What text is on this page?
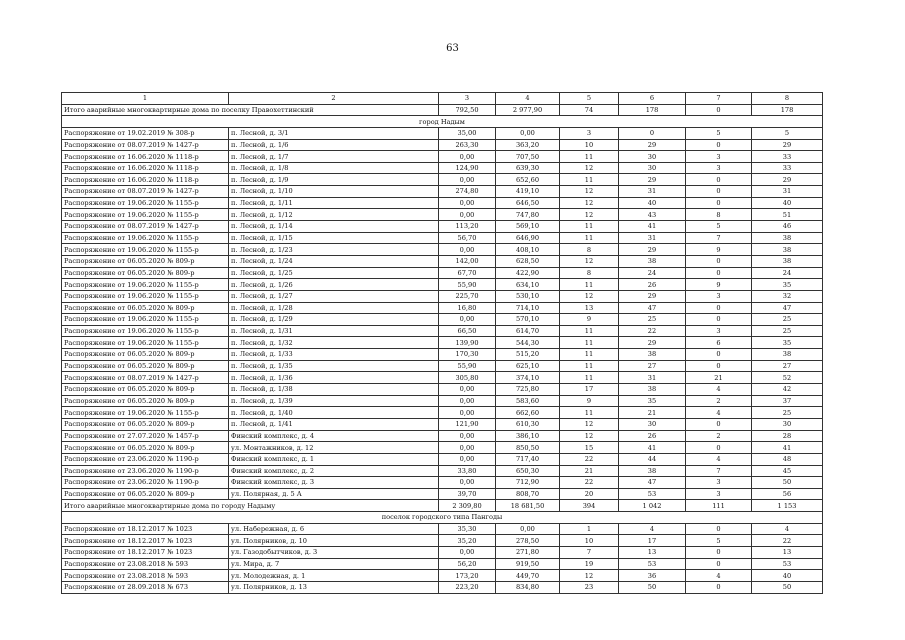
63
1	2	3	4	5	6	7	8
Итого аварийные многоквартирные дома по поселку Правохеттинский		792,50	2 977,90	74	178	0	178
город Надым							
Распоряжение от 19.02.2019 № 308-р	п. Лесной, д. 3/1	35,00	0,00	3	0	5	5
Распоряжение от 08.07.2019 № 1427-р	п. Лесной, д. 1/6	263,30	363,20	10	29	0	29
Распоряжение от 16.06.2020 № 1118-р	п. Лесной, д. 1/7	0,00	707,50	11	30	3	33
Распоряжение от 16.06.2020 № 1118-р	п. Лесной, д. 1/8	124,90	639,30	12	30	3	33
Распоряжение от 16.06.2020 № 1118-р	п. Лесной, д. 1/9	0,00	652,60	11	29	0	29
Распоряжение от 08.07.2019 № 1427-р	п. Лесной, д. 1/10	274,80	419,10	12	31	0	31
Распоряжение от 19.06.2020 № 1155-р	п. Лесной, д. 1/11	0,00	646,50	12	40	0	40
Распоряжение от 19.06.2020 № 1155-р	п. Лесной, д. 1/12	0,00	747,80	12	43	8	51
Распоряжение от 08.07.2019 № 1427-р	п. Лесной, д. 1/14	113,20	569,10	11	41	5	46
Распоряжение от 19.06.2020 № 1155-р	п. Лесной, д. 1/15	56,70	646,90	11	31	7	38
Распоряжение от 19.06.2020 № 1155-р	п. Лесной, д. 1/23	0,00	408,10	8	29	9	38
Распоряжение от 06.05.2020 № 809-р	п. Лесной, д. 1/24	142,00	628,50	12	38	0	38
Распоряжение от 06.05.2020 № 809-р	п. Лесной, д. 1/25	67,70	422,90	8	24	0	24
Распоряжение от 19.06.2020 № 1155-р	п. Лесной, д. 1/26	55,90	634,10	11	26	9	35
Распоряжение от 19.06.2020 № 1155-р	п. Лесной, д. 1/27	225,70	530,10	12	29	3	32
Распоряжение от 06.05.2020 № 809-р	п. Лесной, д. 1/28	16,80	714,10	13	47	0	47
Распоряжение от 19.06.2020 № 1155-р	п. Лесной, д. 1/29	0,00	570,10	9	25	0	25
Распоряжение от 19.06.2020 № 1155-р	п. Лесной, д. 1/31	66,50	614,70	11	22	3	25
Распоряжение от 19.06.2020 № 1155-р	п. Лесной, д. 1/32	139,90	544,30	11	29	6	35
Распоряжение от 06.05.2020 № 809-р	п. Лесной, д. 1/33	170,30	515,20	11	38	0	38
Распоряжение от 06.05.2020 № 809-р	п. Лесной, д. 1/35	55,90	625,10	11	27	0	27
Распоряжение от 08.07.2019 № 1427-р	п. Лесной, д. 1/36	305,80	374,10	11	31	21	52
Распоряжение от 06.05.2020 № 809-р	п. Лесной, д. 1/38	0,00	725,80	17	38	4	42
Распоряжение от 06.05.2020 № 809-р	п. Лесной, д. 1/39	0,00	583,60	9	35	2	37
Распоряжение от 19.06.2020 № 1155-р	п. Лесной, д. 1/40	0,00	662,60	11	21	4	25
Распоряжение от 06.05.2020 № 809-р	п. Лесной, д. 1/41	121,90	610,30	12	30	0	30
Распоряжение от 27.07.2020 № 1457-р	Финский комплекс, д. 4	0,00	386,10	12	26	2	28
Распоряжение от 06.05.2020 № 809-р	ул. Монтажников, д. 12	0,00	850,50	15	41	0	41
Распоряжение от 23.06.2020 № 1190-р	Финский комплекс, д. 1	0,00	717,40	22	44	4	48
Распоряжение от 23.06.2020 № 1190-р	Финский комплекс, д. 2	33,80	650,30	21	38	7	45
Распоряжение от 23.06.2020 № 1190-р	Финский комплекс, д. 3	0,00	712,90	22	47	3	50
Распоряжение от 06.05.2020 № 809-р	ул. Полярная, д. 5 А	39,70	808,70	20	53	3	56
Итого аварийные многоквартирные дома по городу Надыму		2 309,80	18 681,50	394	1 042	111	1 153
поселок городского типа Пангоды							
Распоряжение от 18.12.2017 № 1023	ул. Набережная, д. 6	35,30	0,00	1	4	0	4
Распоряжение от 18.12.2017 № 1023	ул. Полярников, д. 10	35,20	278,50	10	17	5	22
Распоряжение от 18.12.2017 № 1023	ул. Газодобытчиков, д. 3	0,00	271,80	7	13	0	13
Распоряжение от 23.08.2018 № 593	ул. Мира, д. 7	56,20	919,50	19	53	0	53
Распоряжение от 23.08.2018 № 593	ул. Молодежная, д. 1	173,20	449,70	12	36	4	40
Распоряжение от 28.09.2018 № 673	ул. Полярников, д. 13	223,20	834,80	23	50	0	50
